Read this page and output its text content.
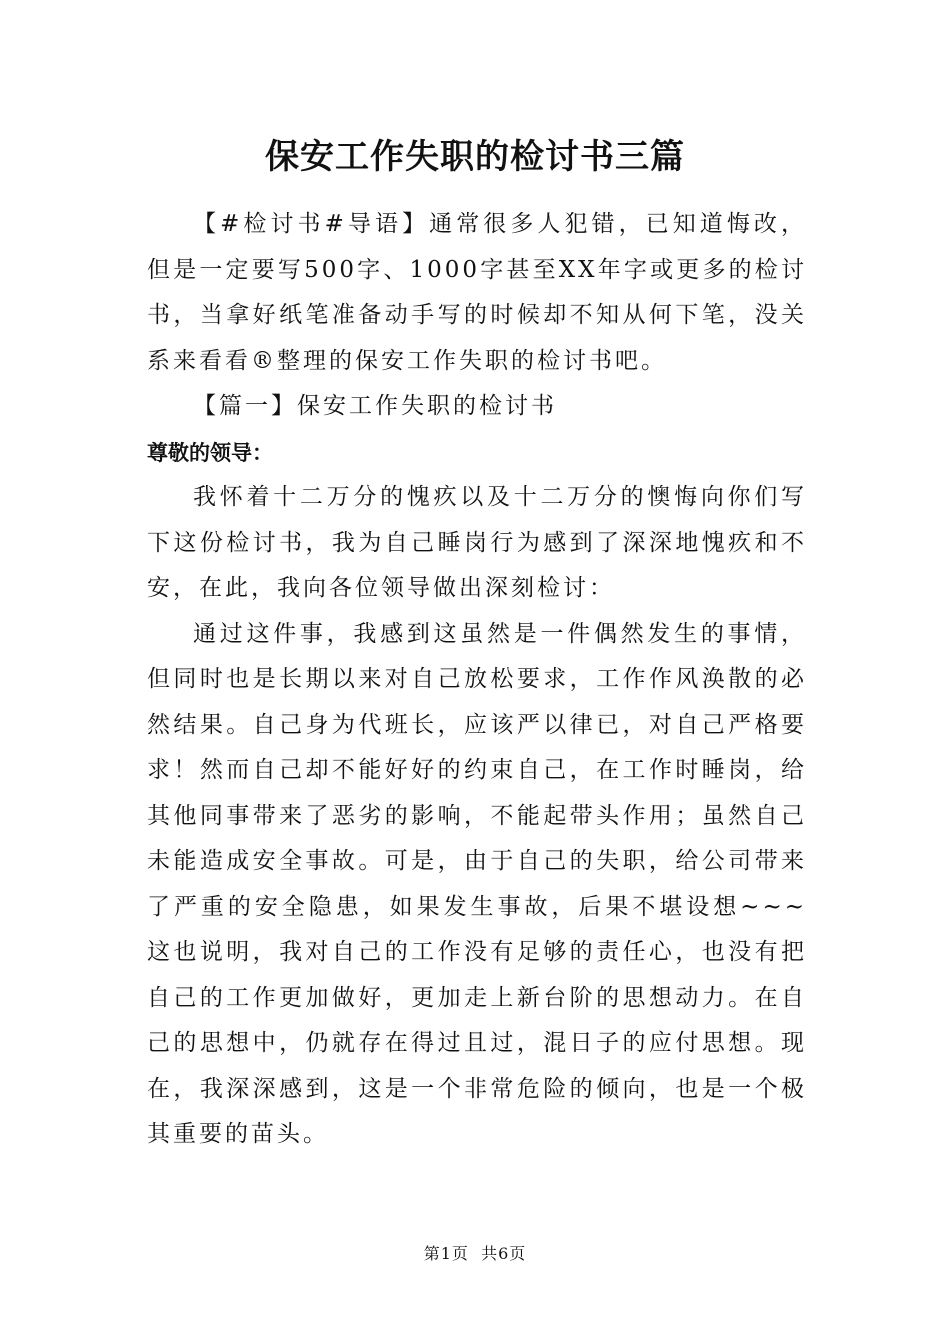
保安工作失职的检讨书三篇

【#检讨书#导语】通常很多人犯错，已知道悔改，但是一定要写500字、1000字甚至XX年字或更多的检讨书，当拿好纸笔准备动手写的时候却不知从何下笔，没关系来看看®整理的保安工作失职的检讨书吧。

【篇一】保安工作失职的检讨书

尊敬的领导：

我怀着十二万分的愧疚以及十二万分的懊悔向你们写下这份检讨书，我为自己睡岗行为感到了深深地愧疚和不安，在此，我向各位领导做出深刻检讨：

通过这件事，我感到这虽然是一件偶然发生的事情，但同时也是长期以来对自己放松要求，工作作风涣散的必然结果。自己身为代班长，应该严以律已，对自己严格要求！然而自己却不能好好的约束自己，在工作时睡岗，给其他同事带来了恶劣的影响，不能起带头作用；虽然自己未能造成安全事故。可是，由于自己的失职，给公司带来了严重的安全隐患，如果发生事故，后果不堪设想~~~这也说明，我对自己的工作没有足够的责任心，也没有把自己的工作更加做好，更加走上新台阶的思想动力。在自己的思想中，仍就存在得过且过，混日子的应付思想。现在，我深深感到，这是一个非常危险的倾向，也是一个极其重要的苗头。

第1页  共6页
